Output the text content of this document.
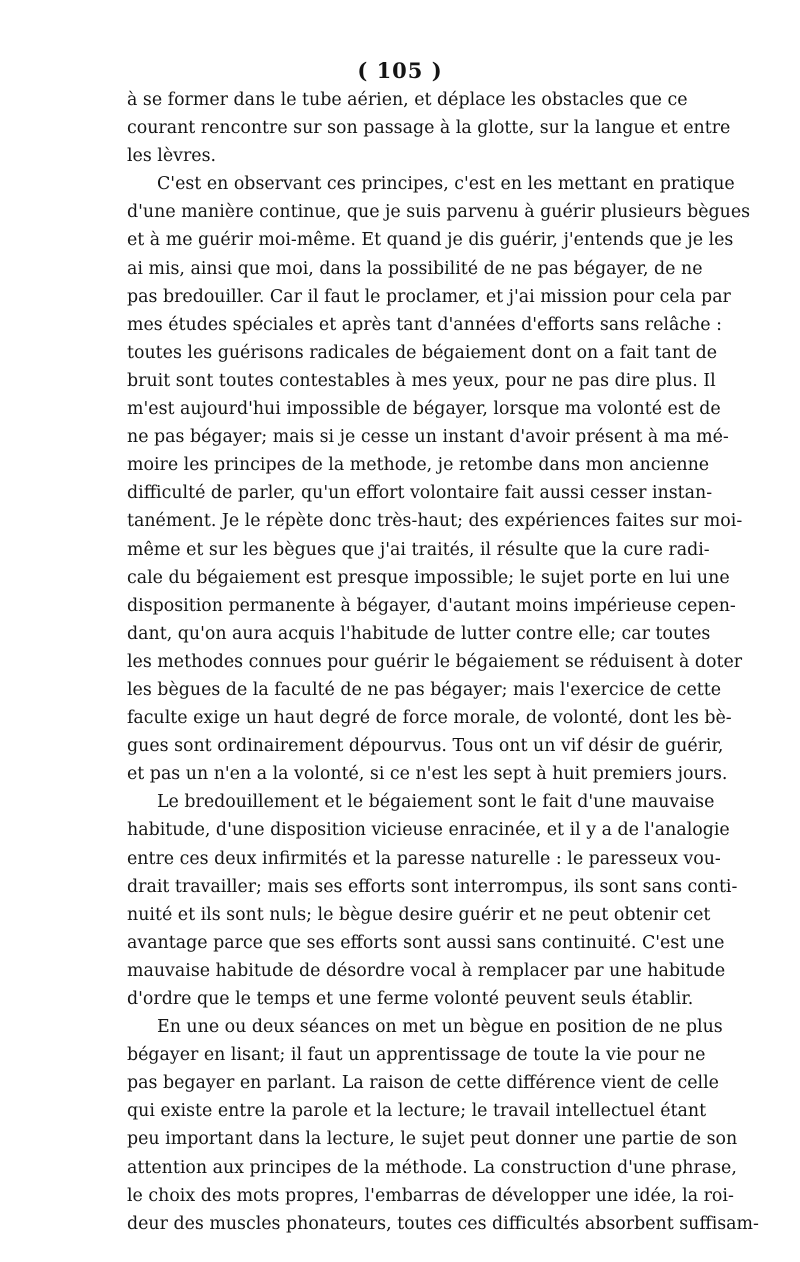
( 105 )
à se former dans le tube aérien, et déplace les obstacles que ce
courant rencontre sur son passage à la glotte, sur la langue et entre
les lèvres.
C'est en observant ces principes, c'est en les mettant en pratique
d'une manière continue, que je suis parvenu à guérir plusieurs bègues
et à me guérir moi-même. Et quand je dis guérir, j'entends que je les
ai mis, ainsi que moi, dans la possibilité de ne pas bégayer, de ne
pas bredouiller. Car il faut le proclamer, et j'ai mission pour cela par
mes études spéciales et après tant d'années d'efforts sans relâche :
toutes les guérisons radicales de bégaiement dont on a fait tant de
bruit sont toutes contestables à mes yeux, pour ne pas dire plus. Il
m'est aujourd'hui impossible de bégayer, lorsque ma volonté est de
ne pas bégayer; mais si je cesse un instant d'avoir présent à ma mé-
moire les principes de la methode, je retombe dans mon ancienne
difficulté de parler, qu'un effort volontaire fait aussi cesser instan-
tanément. Je le répète donc très-haut; des expériences faites sur moi-
même et sur les bègues que j'ai traités, il résulte que la cure radi-
cale du bégaiement est presque impossible; le sujet porte en lui une
disposition permanente à bégayer, d'autant moins impérieuse cepen-
dant, qu'on aura acquis l'habitude de lutter contre elle; car toutes
les methodes connues pour guérir le bégaiement se réduisent à doter
les bègues de la faculté de ne pas bégayer; mais l'exercice de cette
faculte exige un haut degré de force morale, de volonté, dont les bè-
gues sont ordinairement dépourvus. Tous ont un vif désir de guérir,
et pas un n'en a la volonté, si ce n'est les sept à huit premiers jours.
Le bredouillement et le bégaiement sont le fait d'une mauvaise
habitude, d'une disposition vicieuse enracinée, et il y a de l'analogie
entre ces deux infirmités et la paresse naturelle : le paresseux vou-
drait travailler; mais ses efforts sont interrompus, ils sont sans conti-
nuité et ils sont nuls; le bègue desire guérir et ne peut obtenir cet
avantage parce que ses efforts sont aussi sans continuité. C'est une
mauvaise habitude de désordre vocal à remplacer par une habitude
d'ordre que le temps et une ferme volonté peuvent seuls établir.
En une ou deux séances on met un bègue en position de ne plus
bégayer en lisant; il faut un apprentissage de toute la vie pour ne
pas begayer en parlant. La raison de cette différence vient de celle
qui existe entre la parole et la lecture; le travail intellectuel étant
peu important dans la lecture, le sujet peut donner une partie de son
attention aux principes de la méthode. La construction d'une phrase,
le choix des mots propres, l'embarras de développer une idée, la roi-
deur des muscles phonateurs, toutes ces difficultés absorbent suffisam-
